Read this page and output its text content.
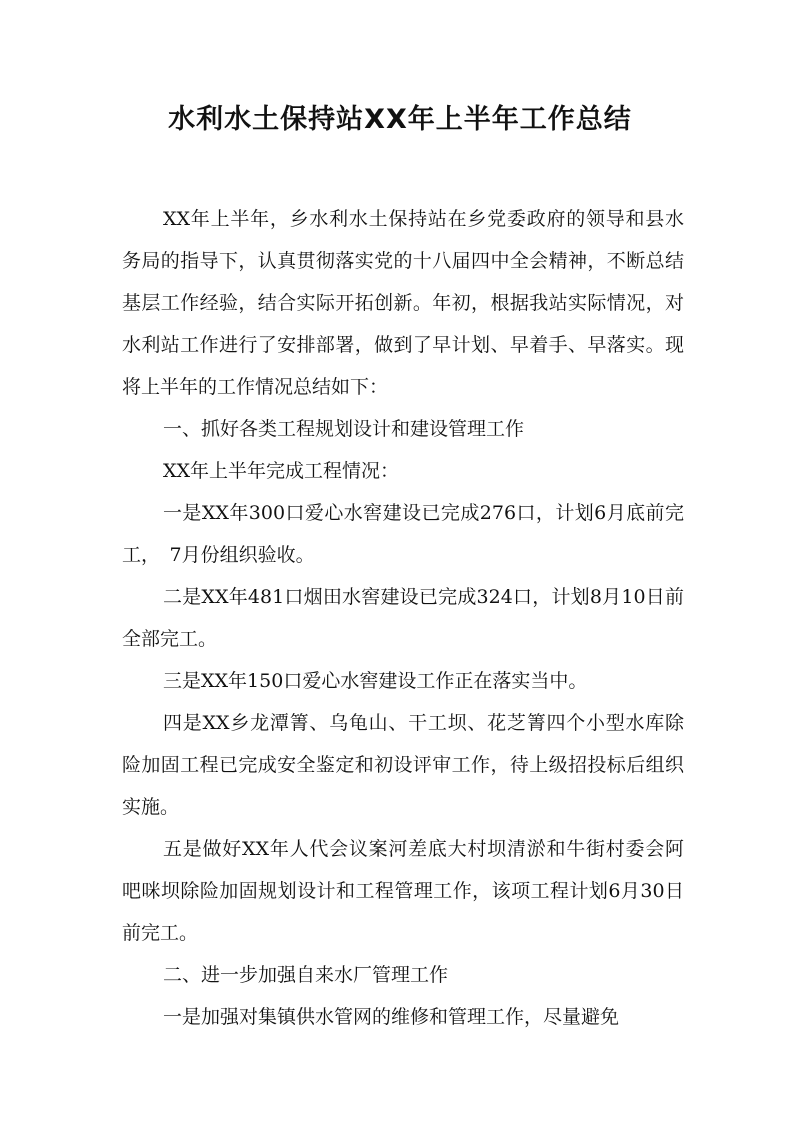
水利水土保持站XX年上半年工作总结

XX年上半年，乡水利水土保持站在乡党委政府的领导和县水务局的指导下，认真贯彻落实党的十八届四中全会精神，不断总结基层工作经验，结合实际开拓创新。年初，根据我站实际情况，对水利站工作进行了安排部署，做到了早计划、早着手、早落实。现将上半年的工作情况总结如下：

一、抓好各类工程规划设计和建设管理工作

XX年上半年完成工程情况：

一是XX年300口爱心水窖建设已完成276口，计划6月底前完工，　7月份组织验收。

二是XX年481口烟田水窖建设已完成324口，计划8月10日前全部完工。

三是XX年150口爱心水窖建设工作正在落实当中。

四是XX乡龙潭箐、乌龟山、干工坝、花芝箐四个小型水库除险加固工程已完成安全鉴定和初设评审工作，待上级招投标后组织实施。

五是做好XX年人代会议案河差底大村坝清淤和牛街村委会阿吧咪坝除险加固规划设计和工程管理工作，该项工程计划6月30日前完工。

二、进一步加强自来水厂管理工作

一是加强对集镇供水管网的维修和管理工作，尽量避免
